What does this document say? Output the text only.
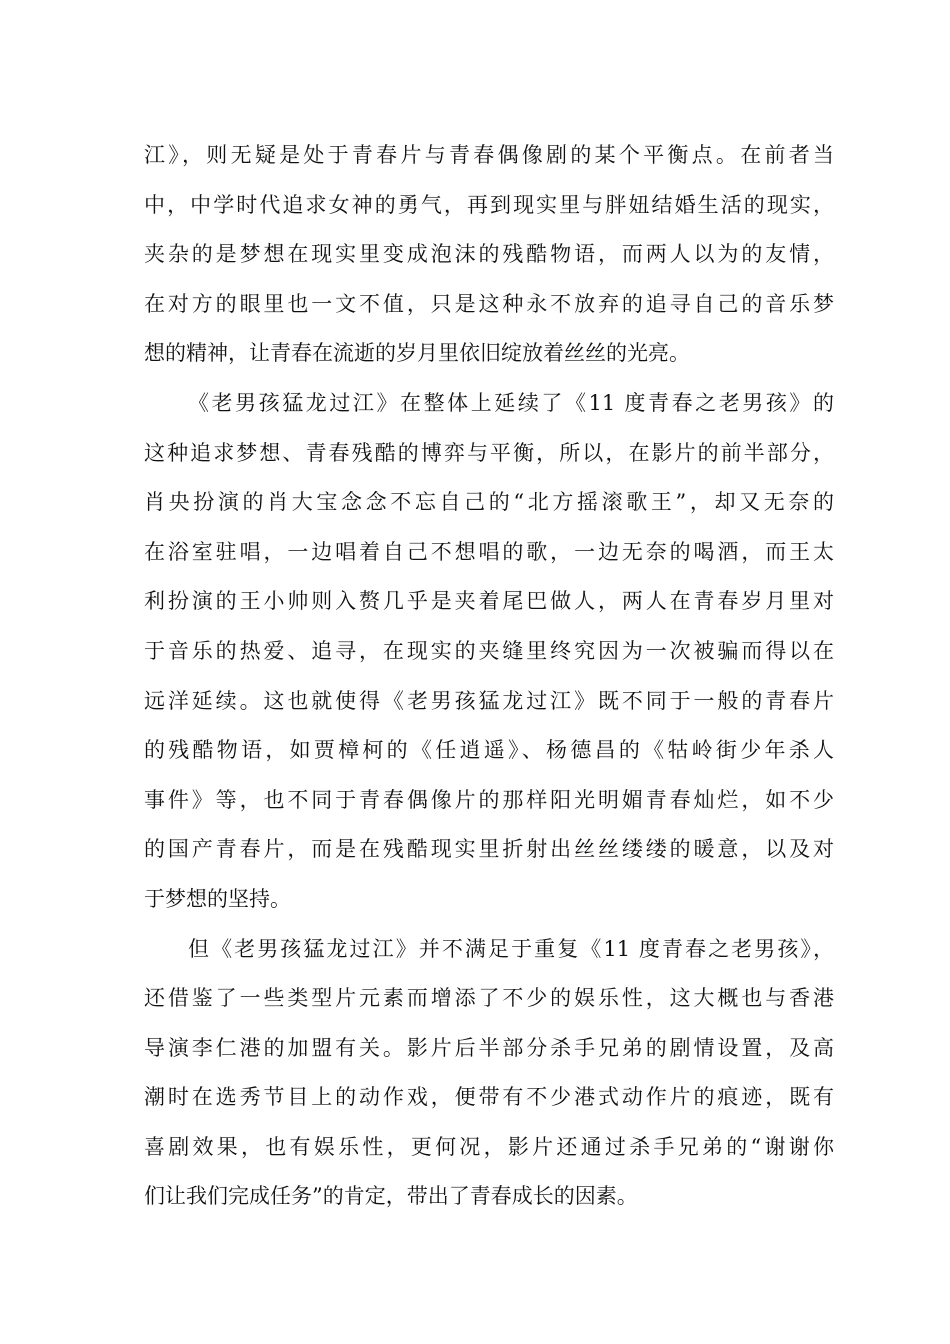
江》，则无疑是处于青春片与青春偶像剧的某个平衡点。在前者当
中，中学时代追求女神的勇气，再到现实里与胖妞结婚生活的现实，
夹杂的是梦想在现实里变成泡沫的残酷物语，而两人以为的友情，
在对方的眼里也一文不值，只是这种永不放弃的追寻自己的音乐梦
想的精神，让青春在流逝的岁月里依旧绽放着丝丝的光亮。
《老男孩猛龙过江》在整体上延续了《11 度青春之老男孩》的
这种追求梦想、青春残酷的博弈与平衡，所以，在影片的前半部分，
肖央扮演的肖大宝念念不忘自己的“北方摇滚歌王”，却又无奈的
在浴室驻唱，一边唱着自己不想唱的歌，一边无奈的喝酒，而王太
利扮演的王小帅则入赘几乎是夹着尾巴做人，两人在青春岁月里对
于音乐的热爱、追寻，在现实的夹缝里终究因为一次被骗而得以在
远洋延续。这也就使得《老男孩猛龙过江》既不同于一般的青春片
的残酷物语，如贾樟柯的《任逍遥》、杨德昌的《牯岭街少年杀人
事件》等，也不同于青春偶像片的那样阳光明媚青春灿烂，如不少
的国产青春片，而是在残酷现实里折射出丝丝缕缕的暖意，以及对
于梦想的坚持。
但《老男孩猛龙过江》并不满足于重复《11 度青春之老男孩》，
还借鉴了一些类型片元素而增添了不少的娱乐性，这大概也与香港
导演李仁港的加盟有关。影片后半部分杀手兄弟的剧情设置，及高
潮时在选秀节目上的动作戏，便带有不少港式动作片的痕迹，既有
喜剧效果，也有娱乐性，更何况，影片还通过杀手兄弟的“谢谢你
们让我们完成任务”的肯定，带出了青春成长的因素。
